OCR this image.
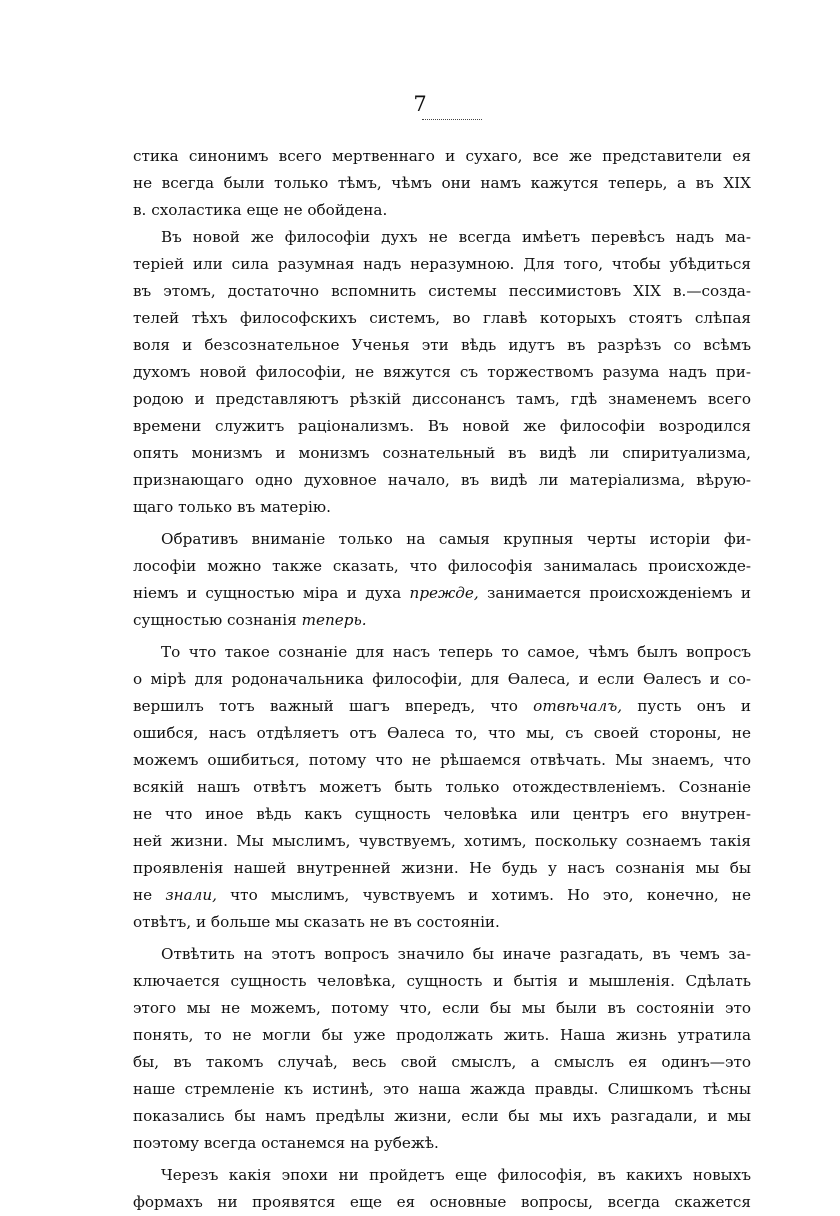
7
стика синонимъ всего мертвеннаго и сухаго, все же представители ея
не всегда были только тѣмъ, чѣмъ они намъ кажутся теперь, а въ XIX
в. схоластика еще не обойдена.
Въ новой же философіи духъ не всегда имѣетъ перевѣсъ надъ ма-
теріей или сила разумная надъ неразумною. Для того, чтобы убѣдиться
въ этомъ, достаточно вспомнить системы пессимистовъ XIX в.—созда-
телей тѣхъ философскихъ системъ, во главѣ которыхъ стоятъ слѣпая
воля и безсознательное Ученья эти вѣдь идутъ въ разрѣзъ со всѣмъ
духомъ новой философіи, не вяжутся съ торжествомъ разума надъ при-
родою и представляютъ рѣзкій диссонансъ тамъ, гдѣ знаменемъ всего
времени служитъ раціонализмъ. Въ новой же философіи возродился
опять монизмъ и монизмъ сознательный въ видѣ ли спиритуализма,
признающаго одно духовное начало, въ видѣ ли матеріализма, вѣрую-
щаго только въ матерію.
Обративъ вниманіе только на самыя крупныя черты исторіи фи-
лософіи можно также сказать, что философія занималась происхожде-
ніемъ и сущностью міра и духа прежде, занимается происхожденіемъ и
сущностью сознанія теперь.
То что такое сознаніе для насъ теперь то самое, чѣмъ былъ вопросъ
о мірѣ для родоначальника философіи, для Ѳалеса, и если Ѳалесъ и со-
вершилъ тотъ важный шагъ впередъ, что отвѣчалъ, пусть онъ и
ошибся, насъ отдѣляетъ отъ Ѳалеса то, что мы, съ своей стороны, не
можемъ ошибиться, потому что не рѣшаемся отвѣчать. Мы знаемъ, что
всякій нашъ отвѣтъ можетъ быть только отождествленіемъ. Сознаніе
не что иное вѣдь какъ сущность человѣка или центръ его внутрен-
ней жизни. Мы мыслимъ, чувствуемъ, хотимъ, поскольку сознаемъ такія
проявленія нашей внутренней жизни. Не будь у насъ сознанія мы бы
не знали, что мыслимъ, чувствуемъ и хотимъ. Но это, конечно, не
отвѣтъ, и больше мы сказать не въ состояніи.
Отвѣтить на этотъ вопросъ значило бы иначе разгадать, въ чемъ за-
ключается сущность человѣка, сущность и бытія и мышленія. Сдѣлать
этого мы не можемъ, потому что, если бы мы были въ состояніи это
понять, то не могли бы уже продолжать жить. Наша жизнь утратила
бы, въ такомъ случаѣ, весь свой смыслъ, а смыслъ ея одинъ—это
наше стремленіе къ истинѣ, это наша жажда правды. Слишкомъ тѣсны
показались бы намъ предѣлы жизни, если бы мы ихъ разгадали, и мы
поэтому всегда останемся на рубежѣ.
Черезъ какія эпохи ни пройдетъ еще философія, въ какихъ новыхъ
формахъ ни проявятся еще ея основные вопросы, всегда скажется
